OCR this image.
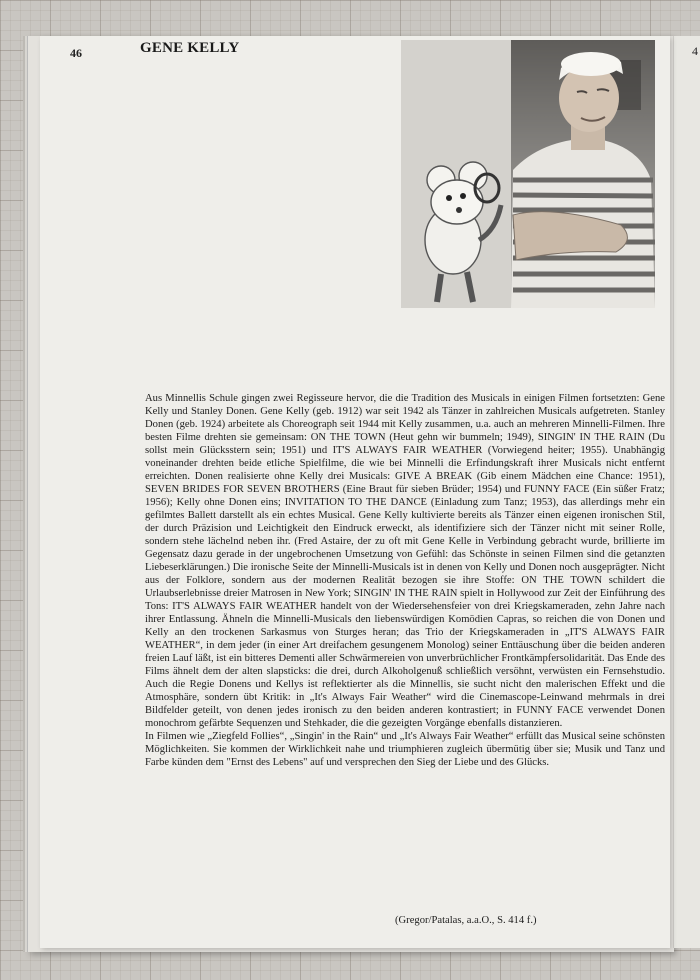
4
46	GENE KELLY

Aus Minnellis Schule gingen zwei Regisseure hervor, die die Tradition des Musicals in einigen Filmen fortsetzten: Gene Kelly und Stanley Donen. Gene Kelly (geb. 1912) war seit 1942 als Tänzer in zahlreichen Musicals aufgetreten. Stanley Donen (geb. 1924) arbeitete als Choreograph seit 1944 mit Kelly zusammen, u.a. auch an mehreren Minnelli-Filmen. Ihre besten Filme drehten sie gemeinsam: ON THE TOWN (Heut gehn wir bummeln; 1949), SINGIN' IN THE RAIN (Du sollst mein Glücksstern sein; 1951) und IT'S ALWAYS FAIR WEATHER (Vorwiegend heiter; 1955). Unabhängig voneinander drehten beide etliche Spielfilme, die wie bei Minnelli die Erfindungskraft ihrer Musicals nicht entfernt erreichten. Donen realisierte ohne Kelly drei Musicals: GIVE A BREAK (Gib einem Mädchen eine Chance: 1951), SEVEN BRIDES FOR SEVEN BROTHERS (Eine Braut für sieben Brüder; 1954) und FUNNY FACE (Ein süßer Fratz; 1956); Kelly ohne Donen eins; INVITATION TO THE DANCE (Einladung zum Tanz; 1953), das allerdings mehr ein gefilmtes Ballett darstellt als ein echtes Musical. Gene Kelly kultivierte bereits als Tänzer einen eigenen ironischen Stil, der durch Präzision und Leichtigkeit den Eindruck erweckt, als identifiziere sich der Tänzer nicht mit seiner Rolle, sondern stehe lächelnd neben ihr. (Fred Astaire, der zu oft mit Gene Kelle in Verbindung gebracht wurde, brillierte im Gegensatz dazu gerade in der ungebrochenen Umsetzung von Gefühl: das Schönste in seinen Filmen sind die getanzten Liebeserklärungen.) Die ironische Seite der Minnelli-Musicals ist in denen von Kelly und Donen noch ausgeprägter. Nicht aus der Folklore, sondern aus der modernen Realität bezogen sie ihre Stoffe: ON THE TOWN schildert die Urlaubserlebnisse dreier Matrosen in New York; SINGIN' IN THE RAIN spielt in Hollywood zur Zeit der Einführung des Tons: IT'S ALWAYS FAIR WEATHER handelt von der Wiedersehensfeier von drei Kriegskameraden, zehn Jahre nach ihrer Entlassung. Ähneln die Minnelli-Musicals den liebenswürdigen Komödien Capras, so reichen die von Donen und Kelly an den trockenen Sarkasmus von Sturges heran; das Trio der Kriegskameraden in „IT'S ALWAYS FAIR WEATHER“, in dem jeder (in einer Art dreifachem gesungenem Monolog) seiner Enttäuschung über die beiden anderen freien Lauf läßt, ist ein bitteres Dementi aller Schwärmereien von unverbrüchlicher Frontkämpfersolidarität. Das Ende des Films ähnelt dem der alten slapsticks: die drei, durch Alkoholgenuß schließlich versöhnt, verwüsten ein Fernsehstudio. Auch die Regie Donens und Kellys ist reflektierter als die Minnellis, sie sucht nicht den malerischen Effekt und die Atmosphäre, sondern übt Kritik: in „It's Always Fair Weather“ wird die Cinemascope-Leinwand mehrmals in drei Bildfelder geteilt, von denen jedes ironisch zu den beiden anderen kontrastiert; in FUNNY FACE verwendet Donen monochrom gefärbte Sequenzen und Stehkader, die die gezeigten Vorgänge ebenfalls distanzieren.

In Filmen wie „Ziegfeld Follies“, „Singin' in the Rain“ und „It's Always Fair Weather“ erfüllt das Musical seine schönsten Möglichkeiten. Sie kommen der Wirklichkeit nahe und triumphieren zugleich übermütig über sie; Musik und Tanz und Farbe künden dem "Ernst des Lebens" auf und versprechen den Sieg der Liebe und des Glücks.

(Gregor/Patalas, a.a.O., S. 414 f.)
